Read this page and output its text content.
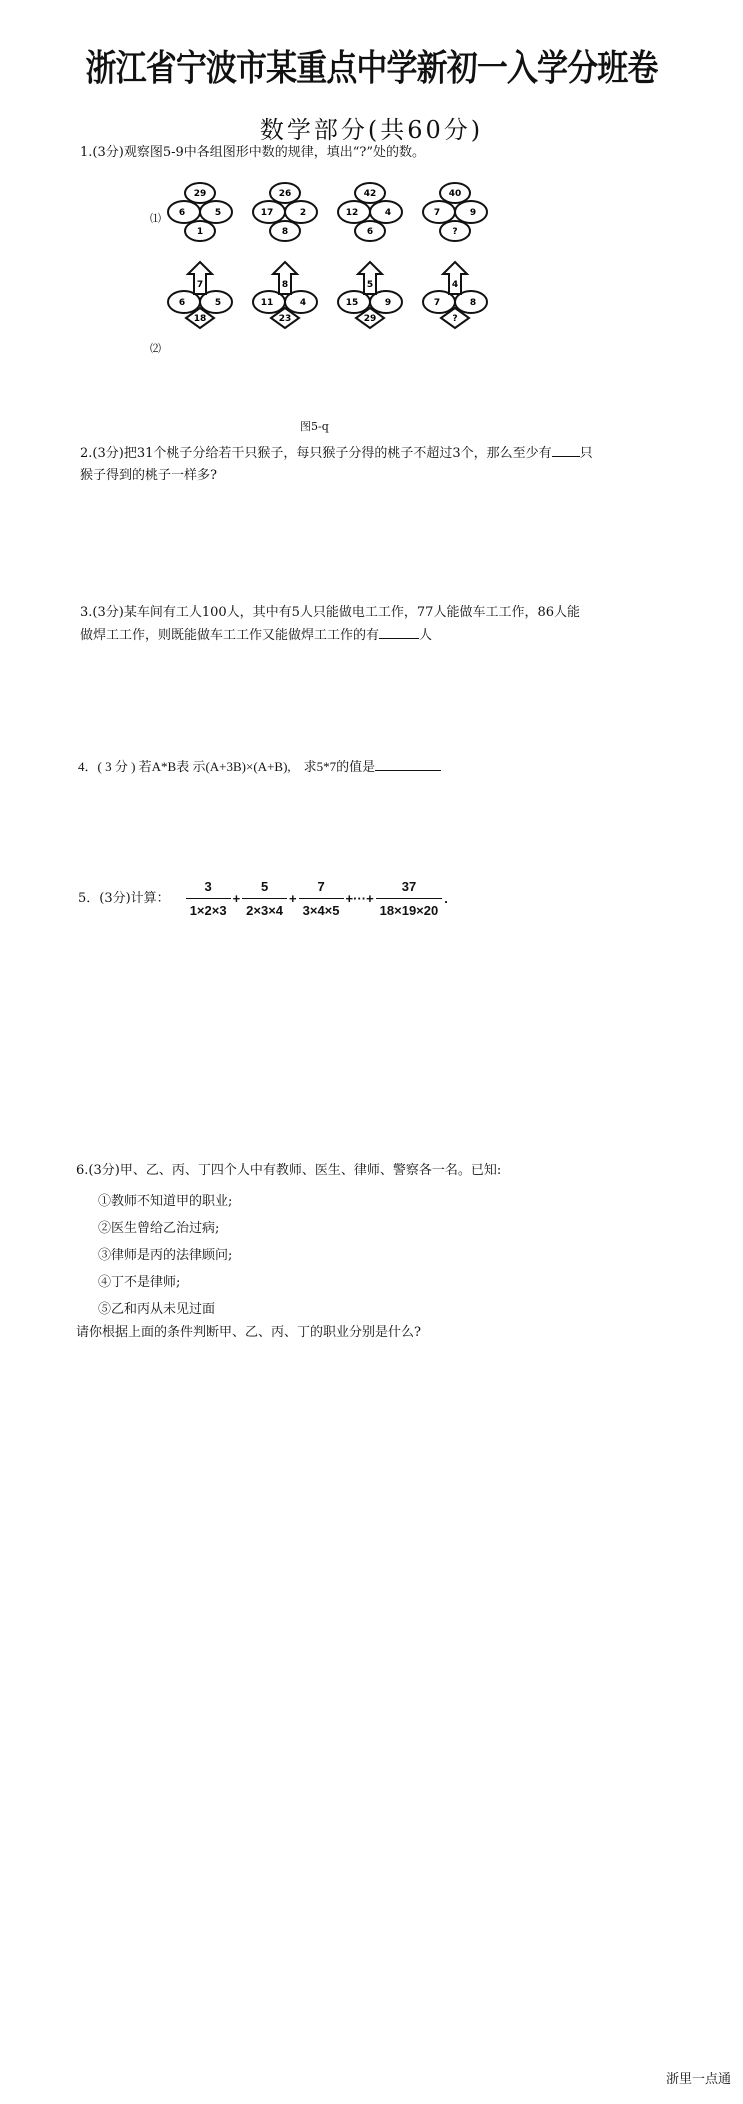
浙江省宁波市某重点中学新初一入学分班卷
数学部分(共60分)
1.(3分)观察图5-9中各组图形中数的规律，填出“?”处的数。
⑴
⑵
29
6	5
1
26
17	2
8
42
12	4
6
40
7	9
?
7
6	5
18
8
11	4
23
5
15	9
29
4
7	8
?
图5-q
2.(3分)把31个桃子分给若干只猴子，每只猴子分得的桃子不超过3个，那么至少有 只
猴子得到的桃子一样多?
3.(3分)某车间有工人100人，其中有5人只能做电工工作，77人能做车工工作，86人能
做焊工工作，则既能做车工工作又能做焊工工作的有	人
4．( 3 分 ) 若A*B表 示(A+3B)×(A+B),　求5*7的值是
5．(3分)计算： $\frac{3}{1\times 2\times 3} + \frac{5}{2\times 3\times 4} + \frac{7}{3\times 4\times 5}$ +···+ $\frac{37}{18\times 19\times 20}$ .
6.(3分)甲、乙、丙、丁四个人中有教师、医生、律师、警察各一名。已知:
①教师不知道甲的职业;
②医生曾给乙治过病;
③律师是丙的法律顾问;
④丁不是律师;
⑤乙和丙从未见过面
请你根据上面的条件判断甲、乙、丙、丁的职业分别是什么?
浙里一点通
